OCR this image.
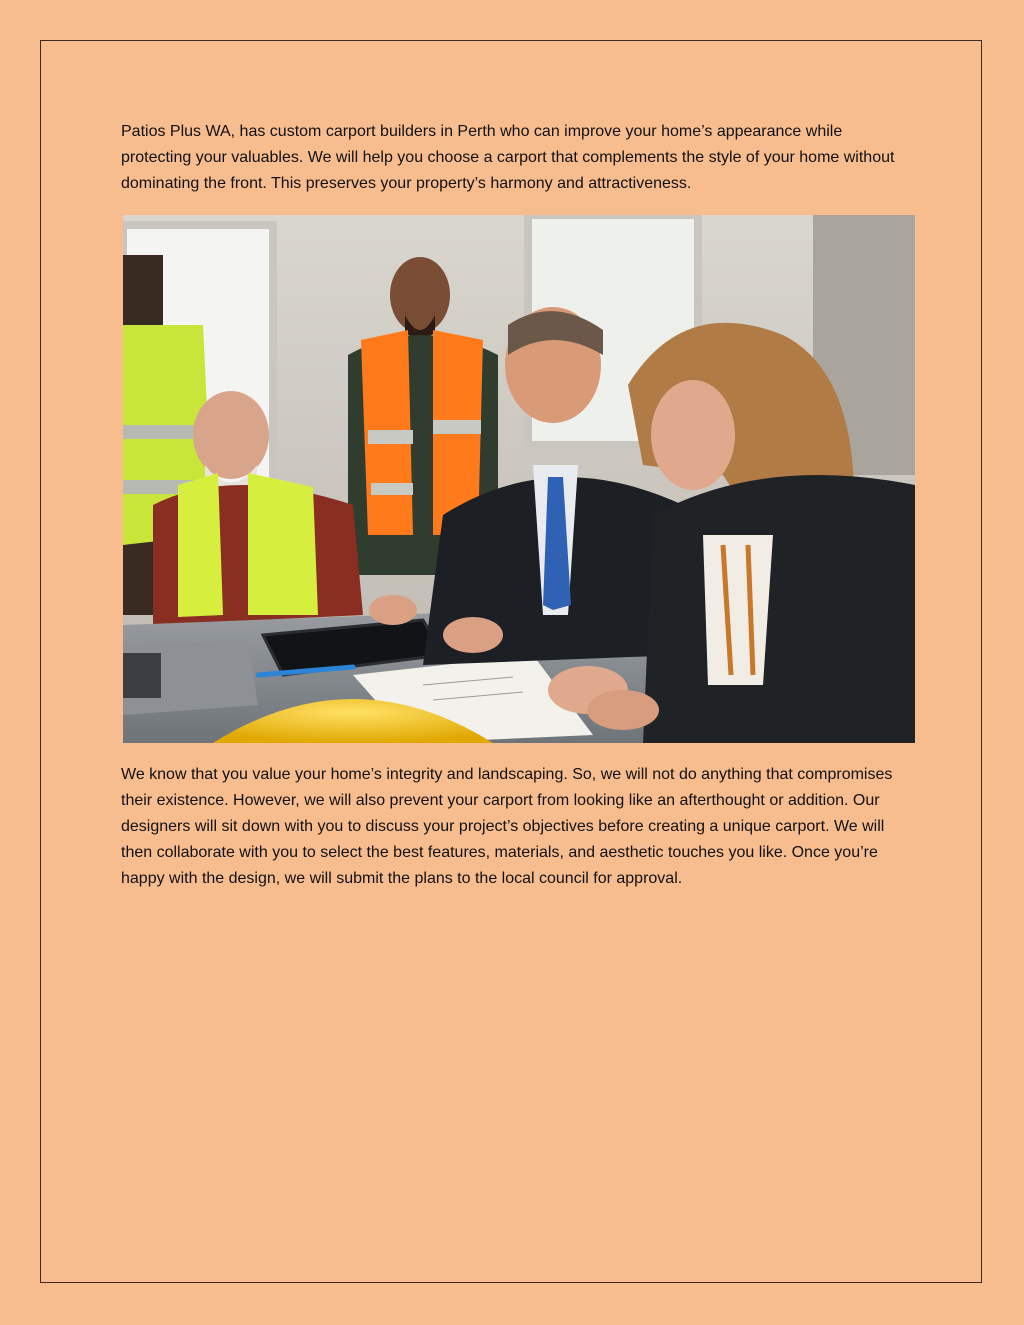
Patios Plus WA, has custom carport builders in Perth who can improve your home’s appearance while protecting your valuables. We will help you choose a carport that complements the style of your home without dominating the front. This preserves your property’s harmony and attractiveness.

We know that you value your home’s integrity and landscaping. So, we will not do anything that compromises their existence. However, we will also prevent your carport from looking like an afterthought or addition. Our designers will sit down with you to discuss your project’s objectives before creating a unique carport. We will then collaborate with you to select the best features, materials, and aesthetic touches you like. Once you’re happy with the design, we will submit the plans to the local council for approval.
